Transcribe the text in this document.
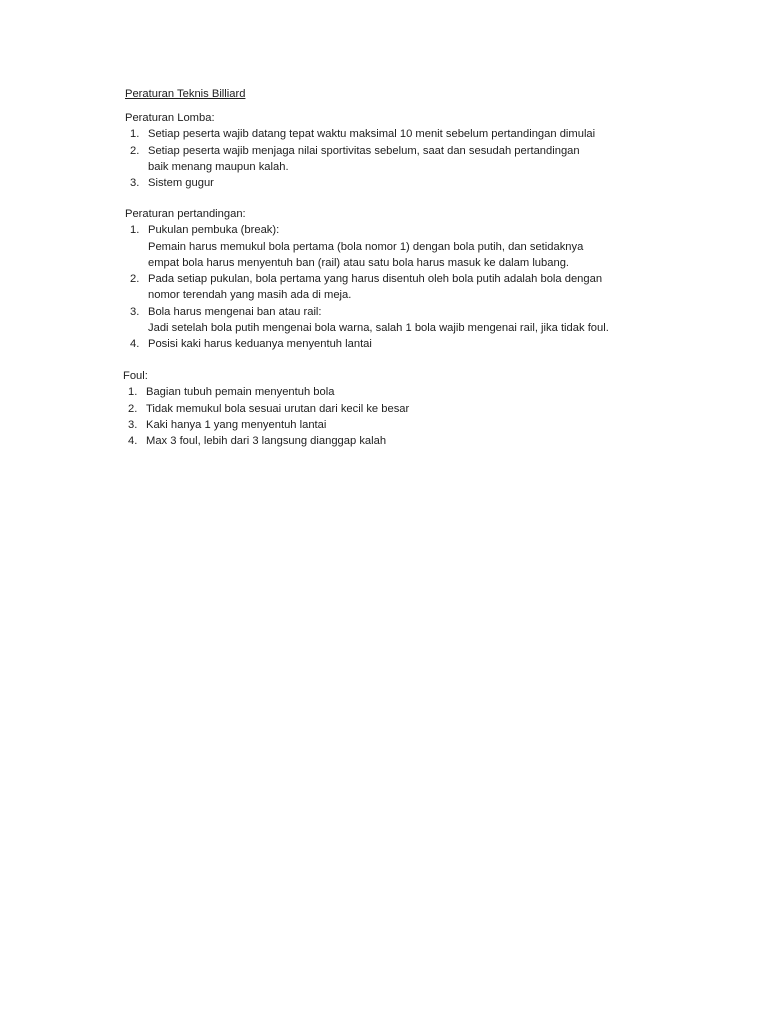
Peraturan Teknis Billiard
Peraturan Lomba:
1. Setiap peserta wajib datang tepat waktu maksimal 10 menit sebelum pertandingan dimulai
2. Setiap peserta wajib menjaga nilai sportivitas sebelum, saat dan sesudah pertandingan
baik menang maupun kalah.
3. Sistem gugur
Peraturan pertandingan:
1. Pukulan pembuka (break):
Pemain harus memukul bola pertama (bola nomor 1) dengan bola putih, dan setidaknya
empat bola harus menyentuh ban (rail) atau satu bola harus masuk ke dalam lubang.
2. Pada setiap pukulan, bola pertama yang harus disentuh oleh bola putih adalah bola dengan
nomor terendah yang masih ada di meja.
3. Bola harus mengenai ban atau rail:
Jadi setelah bola putih mengenai bola warna, salah 1 bola wajib mengenai rail, jika tidak foul.
4. Posisi kaki harus keduanya menyentuh lantai
Foul:
1. Bagian tubuh pemain menyentuh bola
2. Tidak memukul bola sesuai urutan dari kecil ke besar
3. Kaki hanya 1 yang menyentuh lantai
4. Max 3 foul, lebih dari 3 langsung dianggap kalah
